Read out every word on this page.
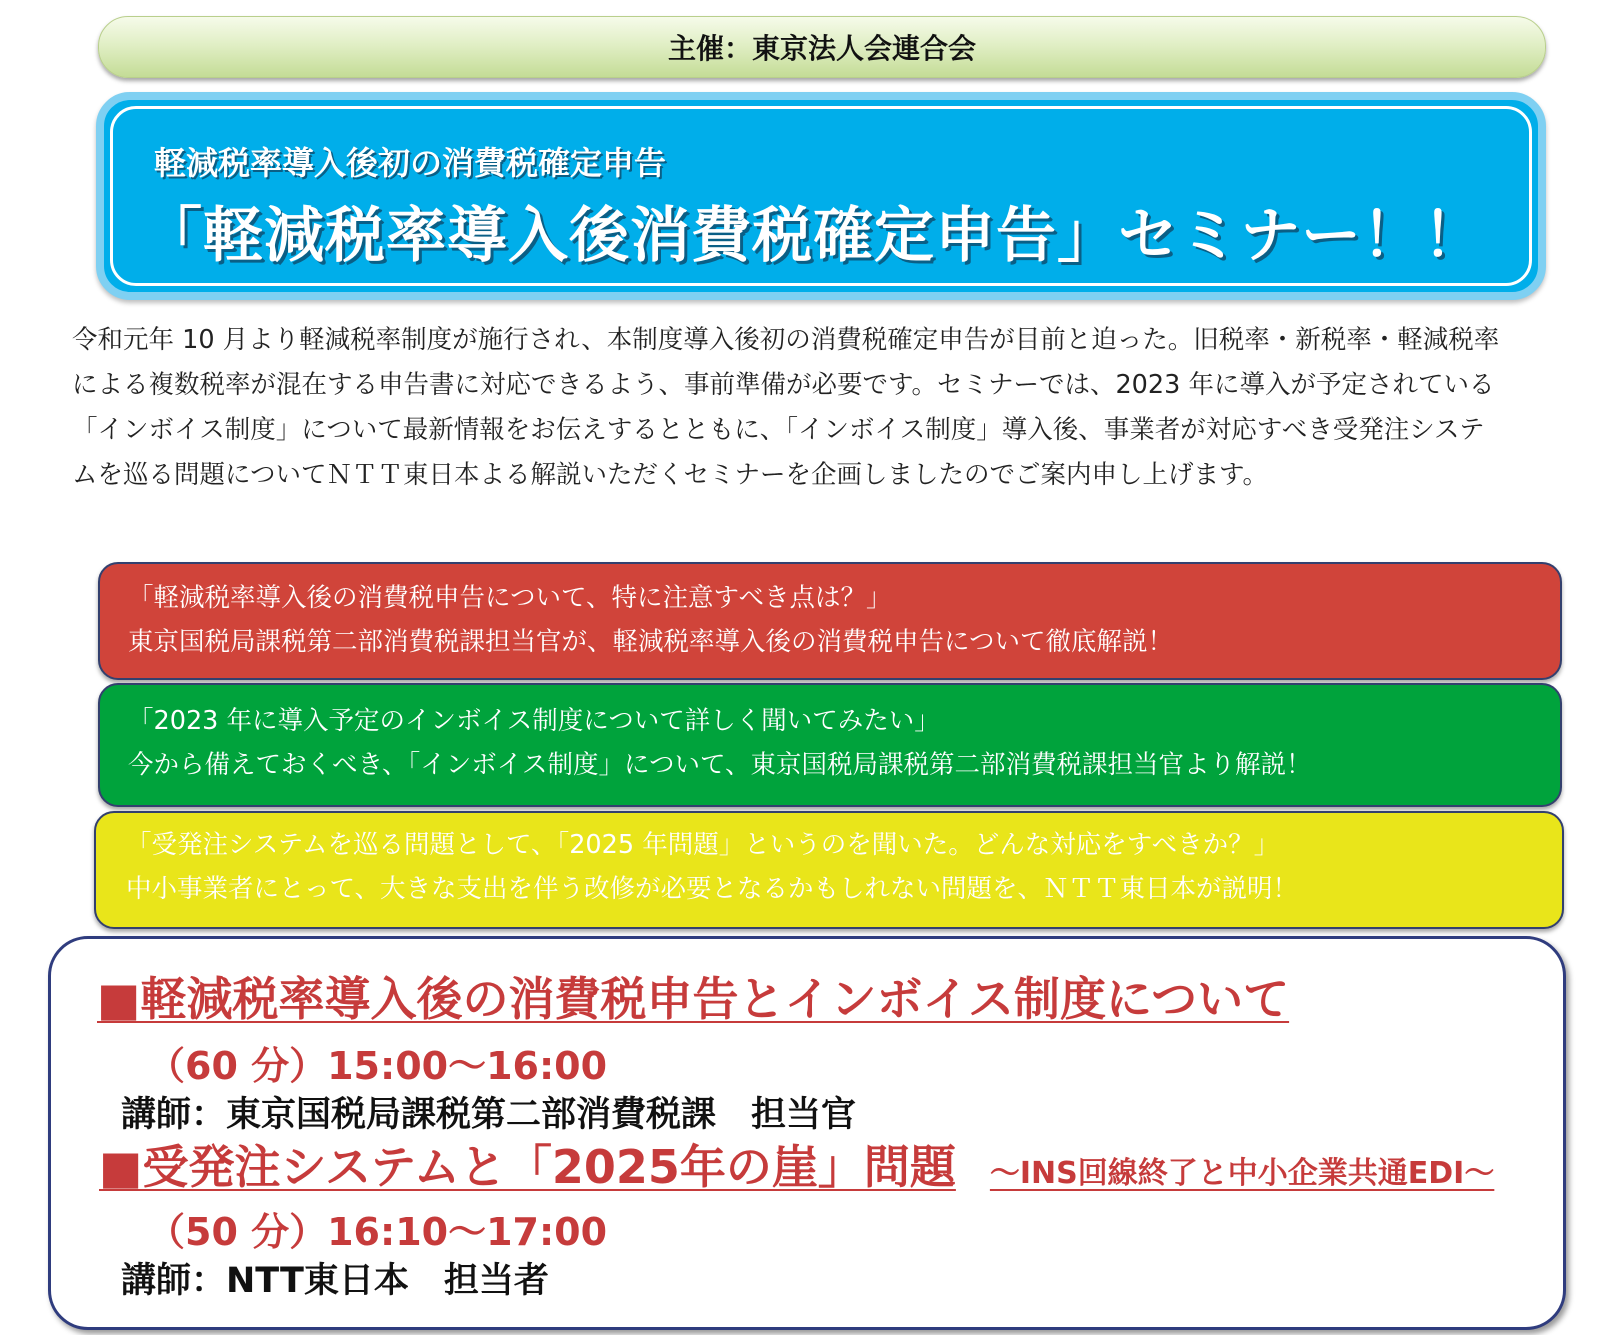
主催：東京法人会連合会
軽減税率導入後初の消費税確定申告
「軽減税率導入後消費税確定申告」セミナー！！

令和元年 10 月より軽減税率制度が施行され、本制度導入後初の消費税確定申告が目前と迫った。旧税率・新税率・軽減税率

による複数税率が混在する申告書に対応できるよう、事前準備が必要です。セミナーでは、2023 年に導入が予定されている

「インボイス制度」について最新情報をお伝えするとともに、「インボイス制度」導入後、事業者が対応すべき受発注システ

ムを巡る問題についてＮＴＴ東日本よる解説いただくセミナーを企画しましたのでご案内申し上げます。

「軽減税率導入後の消費税申告について、特に注意すべき点は？」

東京国税局課税第二部消費税課担当官が、軽減税率導入後の消費税申告について徹底解説！

「2023 年に導入予定のインボイス制度について詳しく聞いてみたい」

今から備えておくべき、「インボイス制度」について、東京国税局課税第二部消費税課担当官より解説！

「受発注システムを巡る問題として、「2025 年問題」というのを聞いた。どんな対応をすべきか？」

中小事業者にとって、大きな支出を伴う改修が必要となるかもしれない問題を、ＮＴＴ東日本が説明！

■軽減税率導入後の消費税申告とインボイス制度について
（60 分）15:00～16:00
講師：東京国税局課税第二部消費税課　担当官
■受発注システムと「2025年の崖」問題 ～INS回線終了と中小企業共通EDI～
（50 分）16:10～17:00
講師：NTT東日本　担当者
